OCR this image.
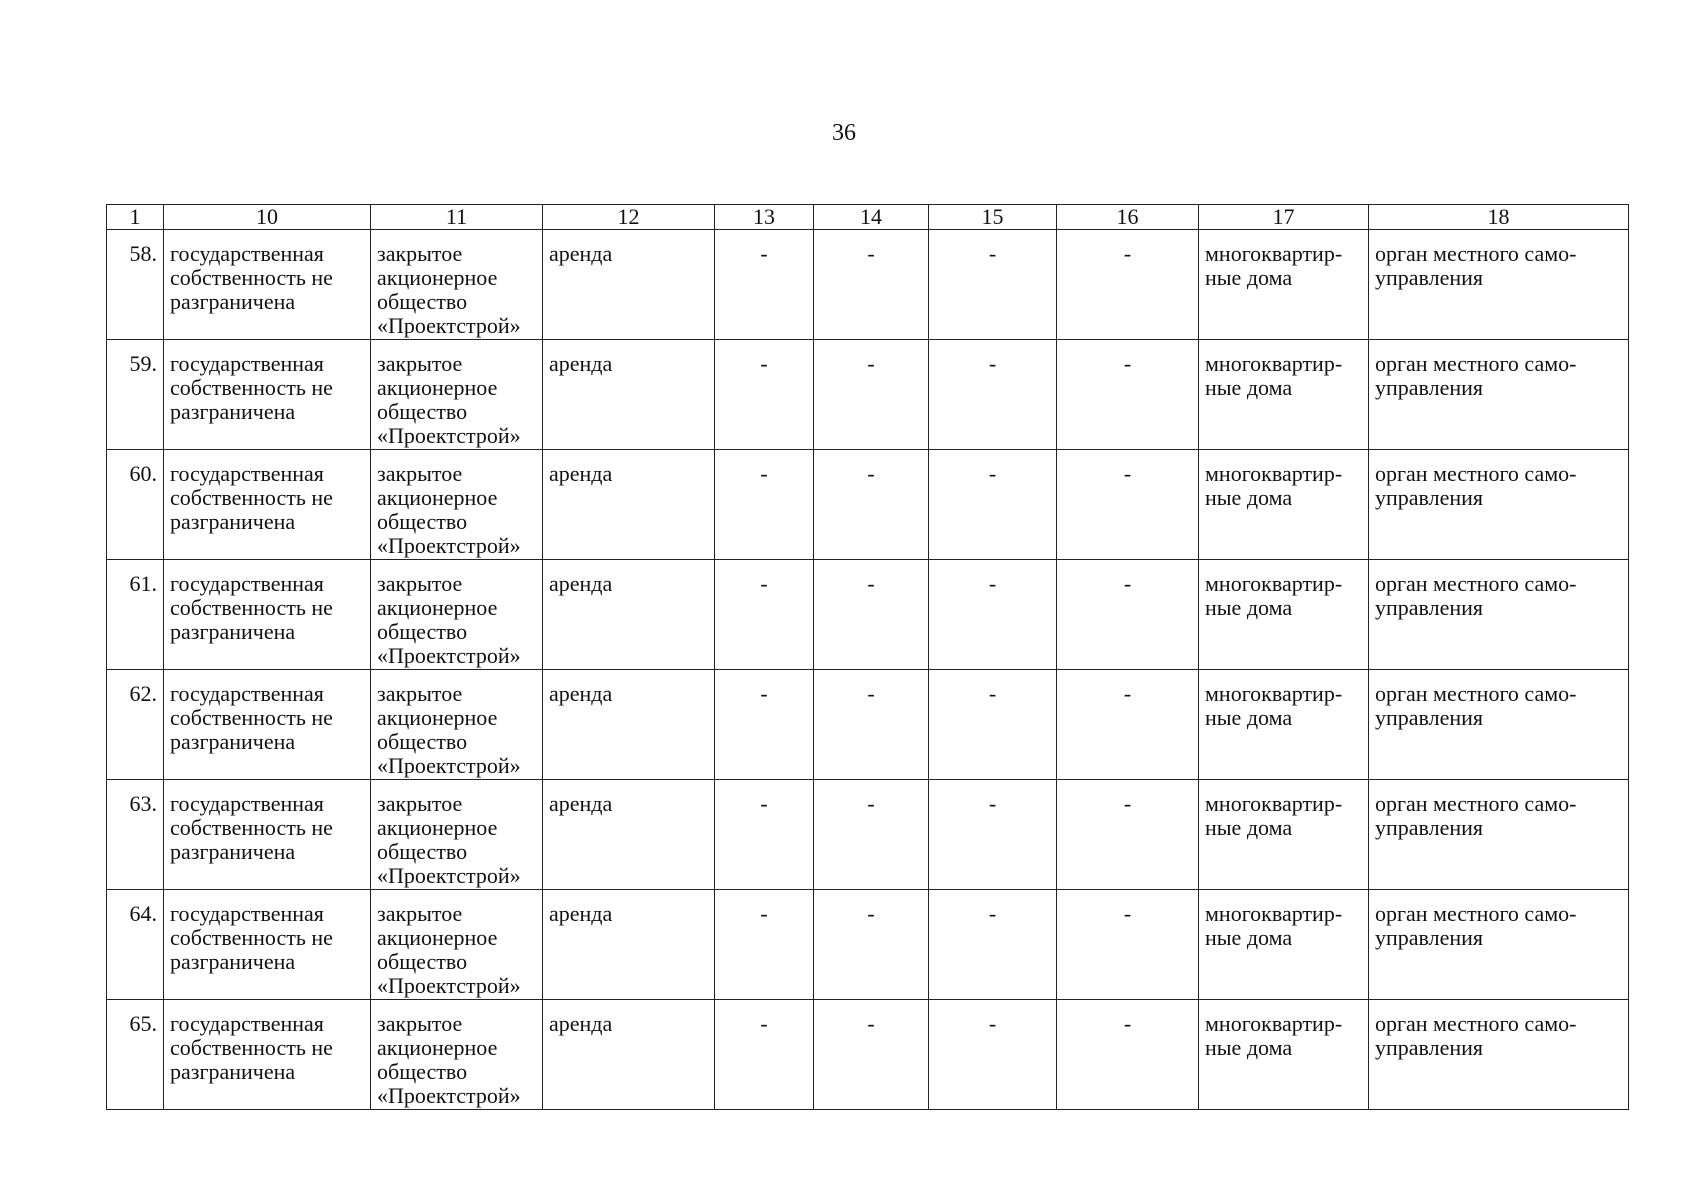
36
1	10	11	12	13	14	15	16	17	18
58.	государственная собственность не разграничена	закрытое акционерное общество «Проектстрой»	аренда	-	-	-	-	многоквартир-ные дома	орган местного само-управления
59.	государственная собственность не разграничена	закрытое акционерное общество «Проектстрой»	аренда	-	-	-	-	многоквартир-ные дома	орган местного само-управления
60.	государственная собственность не разграничена	закрытое акционерное общество «Проектстрой»	аренда	-	-	-	-	многоквартир-ные дома	орган местного само-управления
61.	государственная собственность не разграничена	закрытое акционерное общество «Проектстрой»	аренда	-	-	-	-	многоквартир-ные дома	орган местного само-управления
62.	государственная собственность не разграничена	закрытое акционерное общество «Проектстрой»	аренда	-	-	-	-	многоквартир-ные дома	орган местного само-управления
63.	государственная собственность не разграничена	закрытое акционерное общество «Проектстрой»	аренда	-	-	-	-	многоквартир-ные дома	орган местного само-управления
64.	государственная собственность не разграничена	закрытое акционерное общество «Проектстрой»	аренда	-	-	-	-	многоквартир-ные дома	орган местного само-управления
65.	государственная собственность не разграничена	закрытое акционерное общество «Проектстрой»	аренда	-	-	-	-	многоквартир-ные дома	орган местного само-управления
